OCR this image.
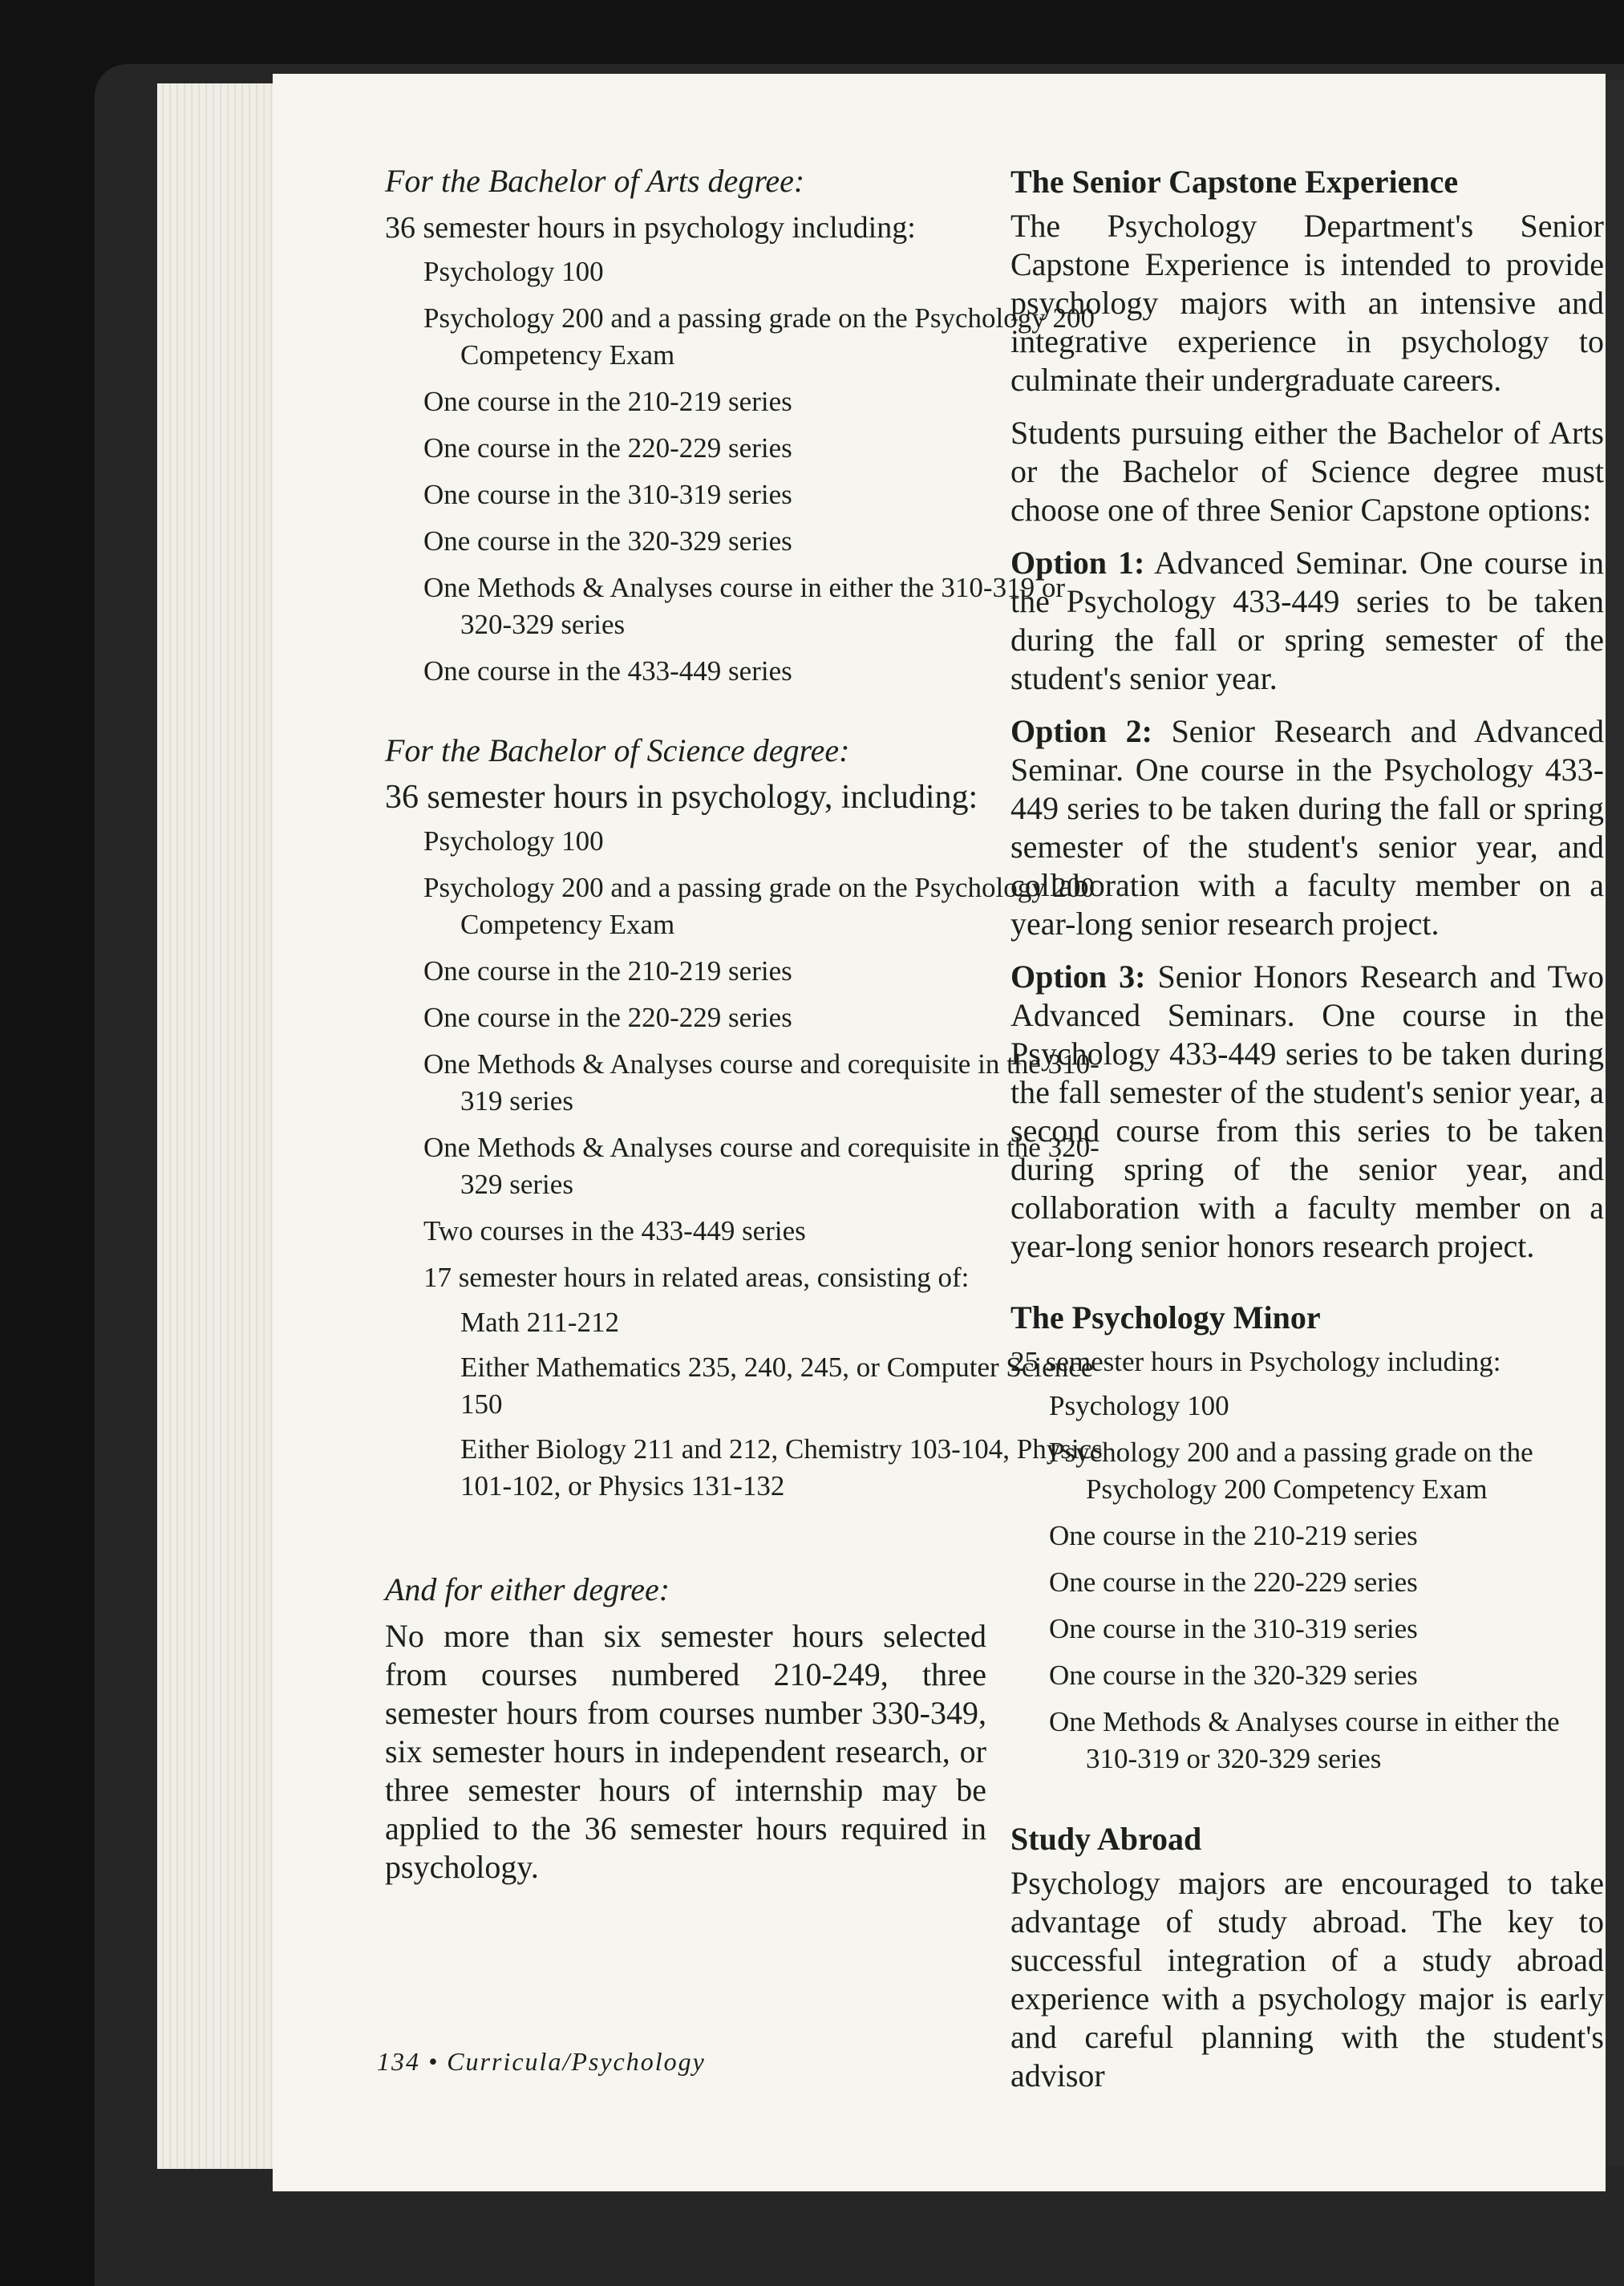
For the Bachelor of Arts degree:

36 semester hours in psychology including:

Psychology 100
Psychology 200 and a passing grade on the Psychology 200 Competency Exam
One course in the 210-219 series
One course in the 220-229 series
One course in the 310-319 series
One course in the 320-329 series
One Methods & Analyses course in either the 310-319 or 320-329 series
One course in the 433-449 series

For the Bachelor of Science degree:

36 semester hours in psychology, including:

Psychology 100
Psychology 200 and a passing grade on the Psychology 200 Competency Exam
One course in the 210-219 series
One course in the 220-229 series
One Methods & Analyses course and corequisite in the 310-319 series
One Methods & Analyses course and corequisite in the 320-329 series
Two courses in the 433-449 series
17 semester hours in related areas, consisting of:
Math 211-212
Either Mathematics 235, 240, 245, or Computer Science 150
Either Biology 211 and 212, Chemistry 103-104, Physics 101-102, or Physics 131-132

And for either degree:

No more than six semester hours selected from courses numbered 210-249, three semester hours from courses number 330-349, six semester hours in independent research, or three semester hours of internship may be applied to the 36 semester hours required in psychology.

The Senior Capstone Experience

The Psychology Department's Senior Capstone Experience is intended to provide psychology majors with an intensive and integrative experience in psychology to culminate their undergraduate careers.

Students pursuing either the Bachelor of Arts or the Bachelor of Science degree must choose one of three Senior Capstone options:

Option 1: Advanced Seminar. One course in the Psychology 433-449 series to be taken during the fall or spring semester of the student's senior year.

Option 2: Senior Research and Advanced Seminar. One course in the Psychology 433-449 series to be taken during the fall or spring semester of the student's senior year, and collaboration with a faculty member on a year-long senior research project.

Option 3: Senior Honors Research and Two Advanced Seminars. One course in the Psychology 433-449 series to be taken during the fall semester of the student's senior year, a second course from this series to be taken during spring of the senior year, and collaboration with a faculty member on a year-long senior honors research project.

The Psychology Minor

25 semester hours in Psychology including:

Psychology 100
Psychology 200 and a passing grade on the Psychology 200 Competency Exam
One course in the 210-219 series
One course in the 220-229 series
One course in the 310-319 series
One course in the 320-329 series
One Methods & Analyses course in either the 310-319 or 320-329 series

Study Abroad

Psychology majors are encouraged to take advantage of study abroad. The key to successful integration of a study abroad experience with a psychology major is early and careful planning with the student's advisor

134 • Curricula/Psychology
